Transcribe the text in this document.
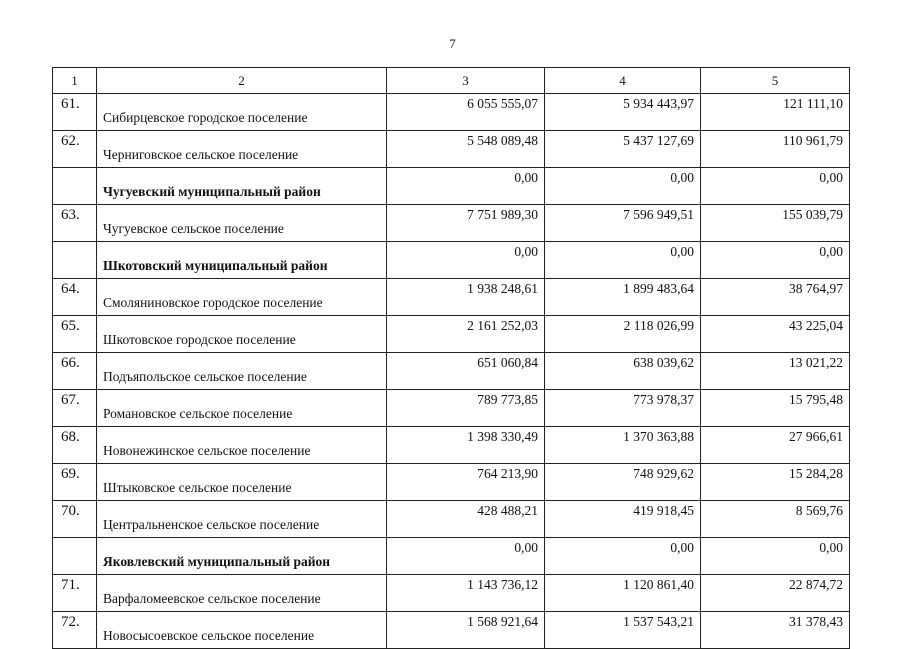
7
1	2	3	4	5
61.	Сибирцевское городское поселение	6 055 555,07	5 934 443,97	121 111,10
62.	Черниговское сельское поселение	5 548 089,48	5 437 127,69	110 961,79

	Чугуевский муниципальный район	0,00	0,00	0,00
63.	Чугуевское сельское поселение	7 751 989,30	7 596 949,51	155 039,79

	Шкотовский муниципальный район	0,00	0,00	0,00
64.	Смоляниновское городское поселение	1 938 248,61	1 899 483,64	38 764,97
65.	Шкотовское городское поселение	2 161 252,03	2 118 026,99	43 225,04
66.	Подъяпольское сельское поселение	651 060,84	638 039,62	13 021,22
67.	Романовское сельское поселение	789 773,85	773 978,37	15 795,48
68.	Новонежинское сельское поселение	1 398 330,49	1 370 363,88	27 966,61
69.	Штыковское сельское поселение	764 213,90	748 929,62	15 284,28
70.	Центральненское сельское поселение	428 488,21	419 918,45	8 569,76

	Яковлевский муниципальный район	0,00	0,00	0,00
71.	Варфаломеевское сельское поселение	1 143 736,12	1 120 861,40	22 874,72
72.	Новосысоевское сельское поселение	1 568 921,64	1 537 543,21	31 378,43
